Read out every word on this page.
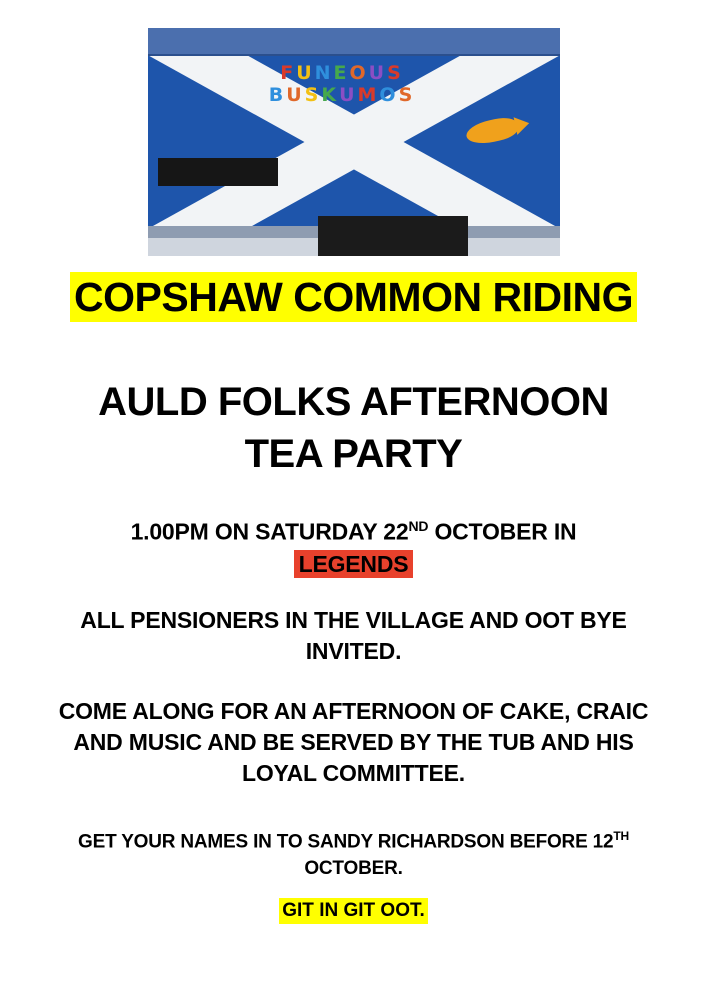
F U N E O U S
B U S K U M O S
COPSHAW COMMON RIDING
AULD FOLKS AFTERNOON
TEA PARTY
1.00PM ON SATURDAY 22ND OCTOBER IN
LEGENDS
ALL PENSIONERS IN THE VILLAGE AND OOT BYE INVITED.
COME ALONG FOR AN AFTERNOON OF CAKE, CRAIC AND MUSIC AND BE SERVED BY THE TUB AND HIS LOYAL COMMITTEE.
GET YOUR NAMES IN TO SANDY RICHARDSON BEFORE 12TH OCTOBER.
GIT IN GIT OOT.
